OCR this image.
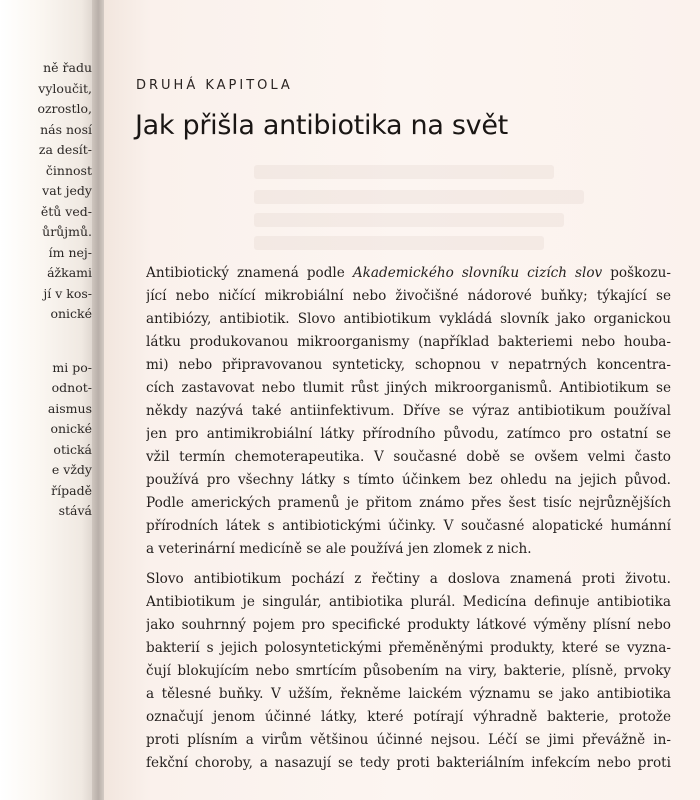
ně řadu
vyloučit,
ozrostlo,
nás nosí
za desít-
činnost
vat jedy
ětů ved-
ůrůjmů.
ím nej-
ážkami
jí v kos-
onické
mi po-
odnot-
aismus
onické
otická
e vždy
řípadě
stává
DRUHÁ KAPITOLA
Jak přišla antibiotika na svět
Antibiotický znamená podle Akademického slovníku cizích slov poškozu-
jící nebo ničící mikrobiální nebo živočišné nádorové buňky; týkající se
antibiózy, antibiotik. Slovo antibiotikum vykládá slovník jako organickou
látku produkovanou mikroorganismy (například bakteriemi nebo houba-
mi) nebo připravovanou synteticky, schopnou v nepatrných koncentra-
cích zastavovat nebo tlumit růst jiných mikroorganismů. Antibiotikum se
někdy nazývá také antiinfektivum. Dříve se výraz antibiotikum používal
jen pro antimikrobiální látky přírodního původu, zatímco pro ostatní se
vžil termín chemoterapeutika. V současné době se ovšem velmi často
používá pro všechny látky s tímto účinkem bez ohledu na jejich původ.
Podle amerických pramenů je přitom známo přes šest tisíc nejrůznějších
přírodních látek s antibiotickými účinky. V současné alopatické humánní
a veterinární medicíně se ale používá jen zlomek z nich.
Slovo antibiotikum pochází z řečtiny a doslova znamená proti životu.
Antibiotikum je singulár, antibiotika plurál. Medicína definuje antibiotika
jako souhrnný pojem pro specifické produkty látkové výměny plísní nebo
bakterií s jejich polosyntetickými přeměněnými produkty, které se vyzna-
čují blokujícím nebo smrtícím působením na viry, bakterie, plísně, prvoky
a tělesné buňky. V užším, řekněme laickém významu se jako antibiotika
označují jenom účinné látky, které potírají výhradně bakterie, protože
proti plísním a virům většinou účinné nejsou. Léčí se jimi převážně in-
fekční choroby, a nasazují se tedy proti bakteriálním infekcím nebo proti
